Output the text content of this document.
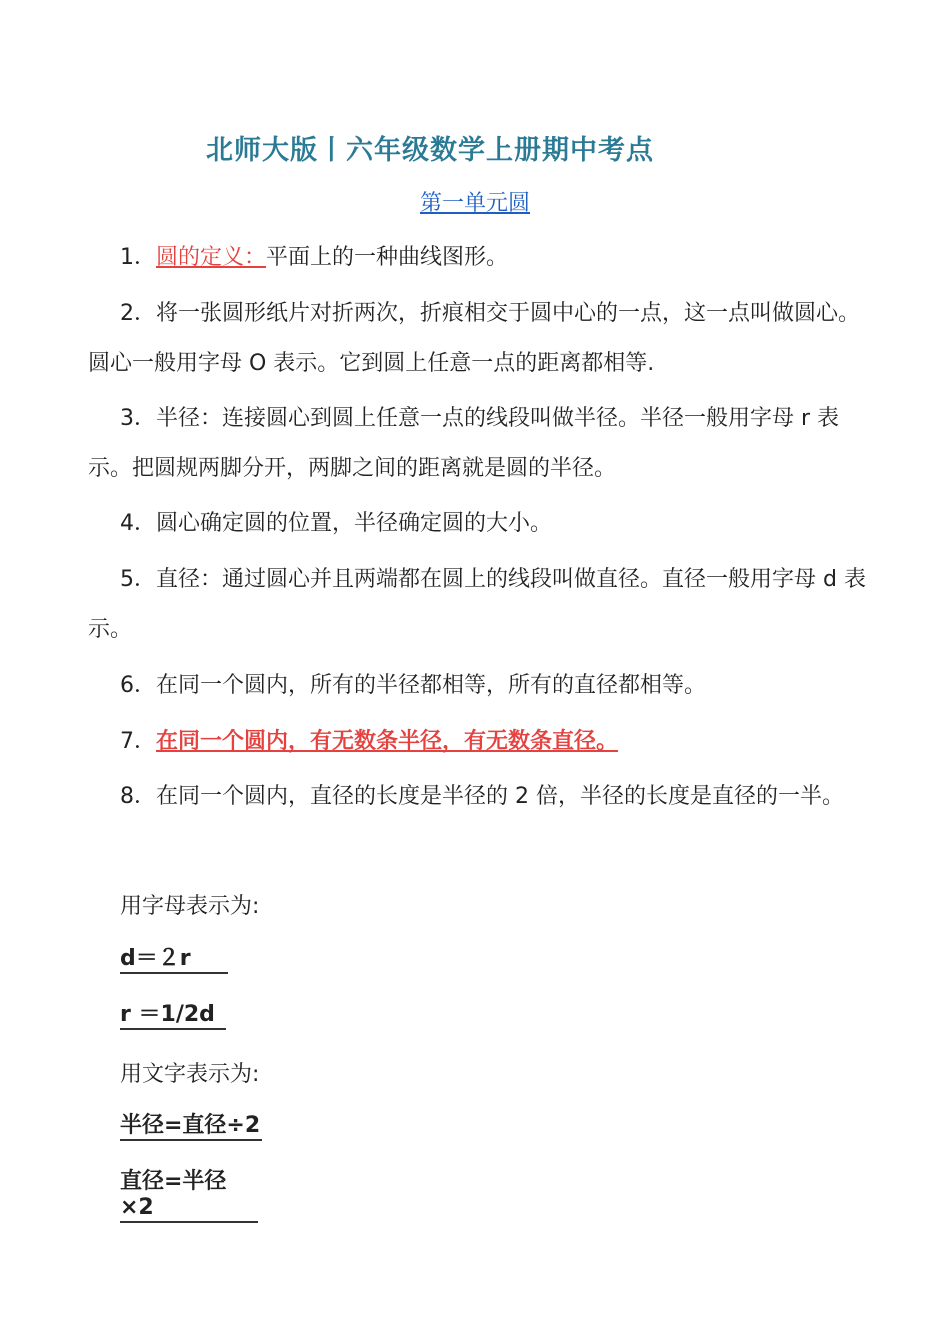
北师大版丨六年级数学上册期中考点
第一单元圆

1．圆的定义：平面上的一种曲线图形。

2．将一张圆形纸片对折两次，折痕相交于圆中心的一点，这一点叫做圆心。圆心一般用字母 O 表示。它到圆上任意一点的距离都相等.

3．半径：连接圆心到圆上任意一点的线段叫做半径。半径一般用字母 r 表示。把圆规两脚分开，两脚之间的距离就是圆的半径。

4．圆心确定圆的位置，半径确定圆的大小。

5．直径：通过圆心并且两端都在圆上的线段叫做直径。直径一般用字母 d 表示。

6．在同一个圆内，所有的半径都相等，所有的直径都相等。

7．在同一个圆内，有无数条半径，有无数条直径。

8．在同一个圆内，直径的长度是半径的 2 倍，半径的长度是直径的一半。

用字母表示为:
d＝２r
r ＝1/2d
用文字表示为:
半径=直径÷2
直径=半径×2
